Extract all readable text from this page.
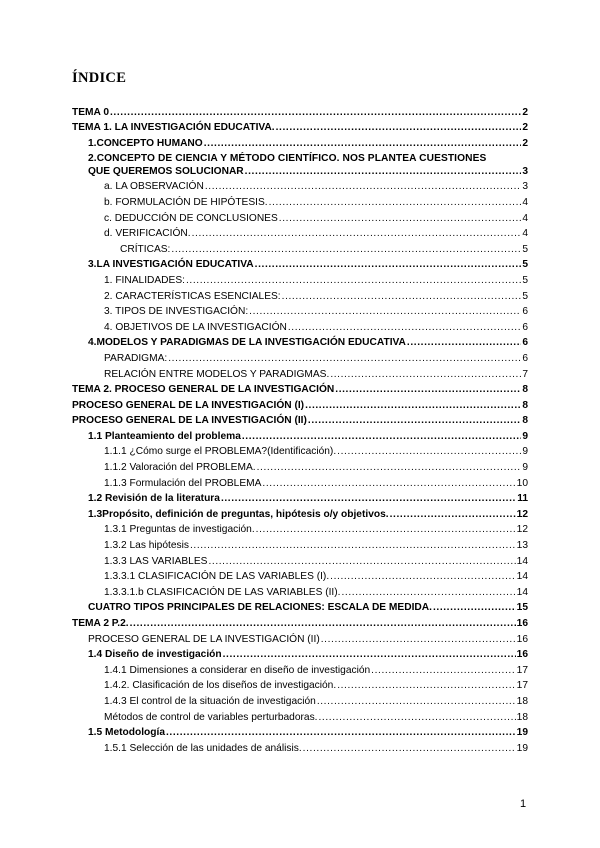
ÍNDICE
TEMA 0 .....	2
TEMA 1. LA INVESTIGACIÓN EDUCATIVA. .....	2
1.CONCEPTO HUMANO .....	2
2.CONCEPTO DE CIENCIA Y MÉTODO CIENTÍFICO. NOS PLANTEA CUESTIONES
QUE QUEREMOS SOLUCIONAR .....	3
a. LA OBSERVACIÓN .....	3
b. FORMULACIÓN DE HIPÓTESIS. .....	4
c. DEDUCCIÓN DE CONCLUSIONES .....	4
d. VERIFICACIÓN. .....	4
CRÍTICAS: .....	5
3.LA INVESTIGACIÓN EDUCATIVA .....	5
1. FINALIDADES: .....	5
2. CARACTERÍSTICAS ESENCIALES: .....	5
3. TIPOS DE INVESTIGACIÓN: .....	6
4. OBJETIVOS DE LA INVESTIGACIÓN .....	6
4.MODELOS Y PARADIGMAS DE LA INVESTIGACIÓN EDUCATIVA .....	6
PARADIGMA: .....	6
RELACIÓN ENTRE MODELOS Y PARADIGMAS. .....	7
TEMA 2. PROCESO GENERAL DE LA INVESTIGACIÓN .....	8
PROCESO GENERAL DE LA INVESTIGACIÓN (I) .....	8
PROCESO GENERAL DE LA INVESTIGACIÓN (II) .....	8
1.1 Planteamiento del problema .....	9
1.1.1 ¿Cómo surge el PROBLEMA?(Identificación). .....	9
1.1.2 Valoración del PROBLEMA. .....	9
1.1.3 Formulación del PROBLEMA .....	10
1.2 Revisión de la literatura .....	11
1.3Propósito, definición de preguntas, hipótesis o/y objetivos. .....	12
1.3.1 Preguntas de investigación. .....	12
1.3.2 Las hipótesis .....	13
1.3.3 LAS VARIABLES .....	14
1.3.3.1 CLASIFICACIÓN DE LAS VARIABLES (I). .....	14
1.3.3.1.b CLASIFICACIÓN DE LAS VARIABLES (II). .....	14
CUATRO TIPOS PRINCIPALES DE RELACIONES: ESCALA DE MEDIDA. .....	15
TEMA 2 P.2. .....	16
PROCESO GENERAL DE LA INVESTIGACIÓN (II) .....	16
1.4 Diseño de investigación .....	16
1.4.1 Dimensiones a considerar en diseño de investigación .....	17
1.4.2. Clasificación de los diseños de investigación. .....	17
1.4.3 El control de la situación de investigación .....	18
Métodos de control de variables perturbadoras. .....	18
1.5 Metodología .....	19
1.5.1 Selección de las unidades de análisis. .....	19
1
